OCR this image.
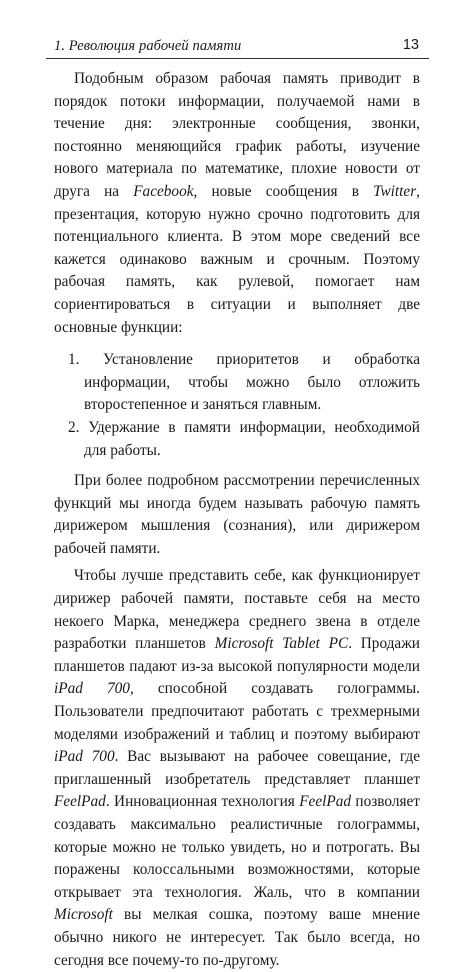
1. Революция рабочей памяти	13

Подобным образом рабочая память приводит в порядок потоки информации, получаемой нами в течение дня: электронные сообщения, звонки, постоянно меняющийся график работы, изучение нового материала по математике, плохие новости от друга на Facebook, новые сообщения в Twitter, презентация, которую нужно срочно подготовить для потенциального клиента. В этом море сведений все кажется одинаково важным и срочным. Поэтому рабочая память, как рулевой, помогает нам сориентироваться в ситуации и выполняет две основные функции:

1. Установление приоритетов и обработка информации, чтобы можно было отложить второстепенное и заняться главным.
2. Удержание в памяти информации, необходимой для работы.

При более подробном рассмотрении перечисленных функций мы иногда будем называть рабочую память дирижером мышления (сознания), или дирижером рабочей памяти.

Чтобы лучше представить себе, как функционирует дирижер рабочей памяти, поставьте себя на место некоего Марка, менеджера среднего звена в отделе разработки планшетов Microsoft Tablet PC. Продажи планшетов падают из-за высокой популярности модели iPad 700, способной создавать голограммы. Пользователи предпочитают работать с трехмерными моделями изображений и таблиц и поэтому выбирают iPad 700. Вас вызывают на рабочее совещание, где приглашенный изобретатель представляет планшет FeelPad. Инновационная технология FeelPad позволяет создавать максимально реалистичные голограммы, которые можно не только увидеть, но и потрогать. Вы поражены колоссальными возможностями, которые открывает эта технология. Жаль, что в компании Microsoft вы мелкая сошка, поэтому ваше мнение обычно никого не интересует. Так было всегда, но сегодня все почему-то по-другому.
